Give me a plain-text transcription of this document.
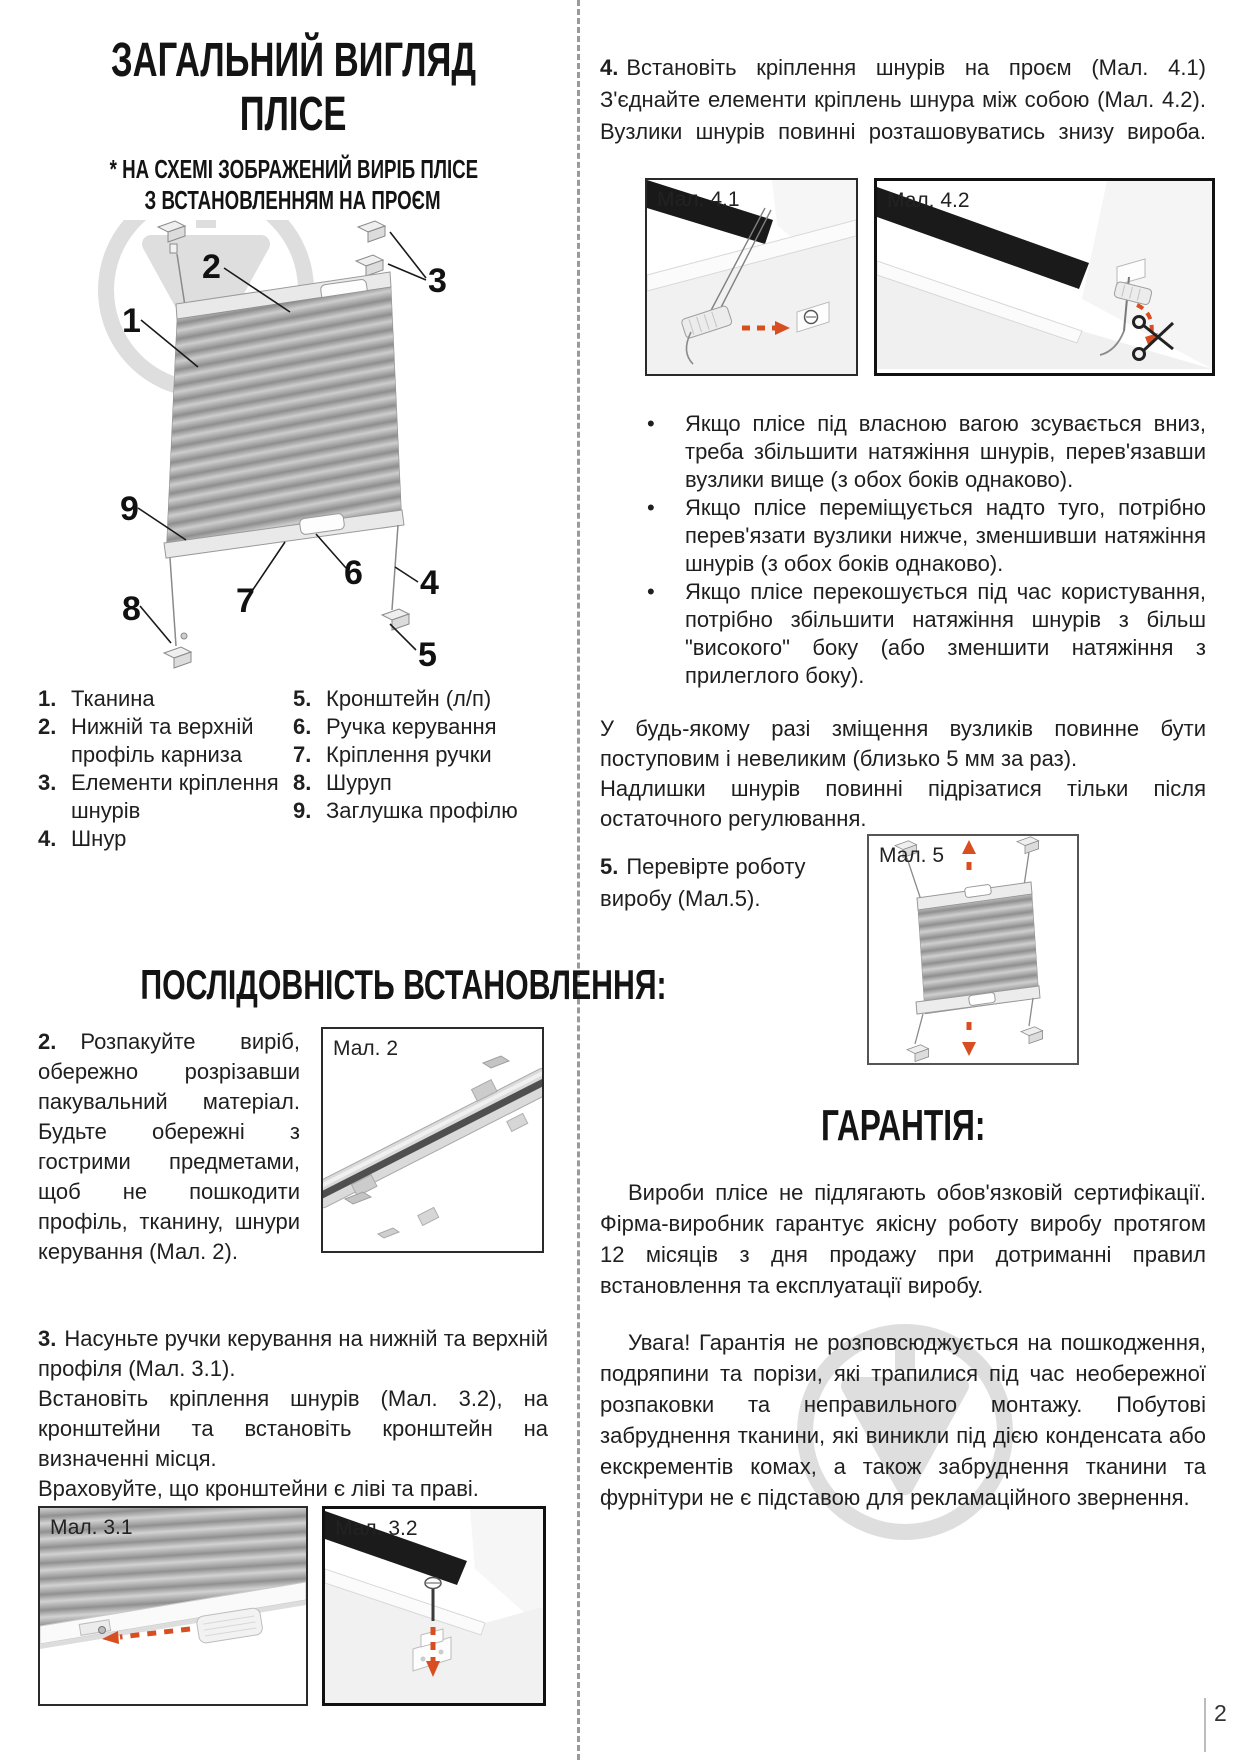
ЗАГАЛЬНИЙ ВИГЛЯД
ПЛІСЕ
* НА СХЕМІ ЗОБРАЖЕНИЙ ВИРІБ ПЛІСЕ
З ВСТАНОВЛЕННЯМ НА ПРОЄМ
1
2	3
4
5
6
7
8
9
1. Тканина
2. Нижній та верхній профіль карниза
3. Елементи кріплення шнурів
4. Шнур
5. Кронштейн (л/п)
6. Ручка керування
7. Кріплення ручки
8. Шуруп
9. Заглушка профілю
ПОСЛІДОВНІСТЬ ВСТАНОВЛЕННЯ:
2. Розпакуйте виріб, обережно розрізавши пакувальний матеріал. Будьте обережні з гострими предметами, щоб не пошкодити профіль, тканину, шнури керування (Мал. 2).
Мал. 2
3. Насуньте ручки керування на нижній та верхній профіля (Мал. 3.1).
Встановіть кріплення шнурів (Мал. 3.2), на кронштейни та встановіть кронштейн на визначенні місця.
Враховуйте, що кронштейни є ліві та праві.
Мал. 3.1	Мал. 3.2
4. Встановіть кріплення шнурів на проєм (Мал. 4.1) З'єднайте елементи кріплень шнура між собою (Мал. 4.2). Вузлики шнурів повинні розташовуватись знизу вироба.
Мал. 4.1	Мал. 4.2
• Якщо плісе під власною вагою зсувається вниз, треба збільшити натяжіння шнурів, перев'язавши вузлики вище (з обох боків однаково).
• Якщо плісе переміщується надто туго, потрібно перев'язати вузлики нижче, зменшивши натяжіння шнурів (з обох боків однаково).
• Якщо плісе перекошується під час користування, потрібно збільшити натяжіння шнурів з більш "високого" боку (або зменшити натяжіння з прилеглого боку).

У будь-якому разі зміщення вузликів повинне бути поступовим і невеликим (близько 5 мм за раз).

Надлишки шнурів повинні підрізатися тільки після остаточного регулювання.

5. Перевірте роботу виробу (Мал.5).
Мал. 5
ГАРАНТІЯ:

Вироби плісе не підлягають обов'язковій сертифікації. Фірма-виробник гарантує якісну роботу виробу протягом 12 місяців з дня продажу при дотриманні правил встановлення та експлуатації виробу.

Увага! Гарантія не розповсюджується на пошкодження, подряпини та порізи, які трапилися під час необережної розпаковки та неправильного монтажу. Побутові забруднення тканини, які виникли під дією конденсата або екскрементів комах, а також забруднення тканини та фурнітури не є підставою для рекламаційного звернення.

2
